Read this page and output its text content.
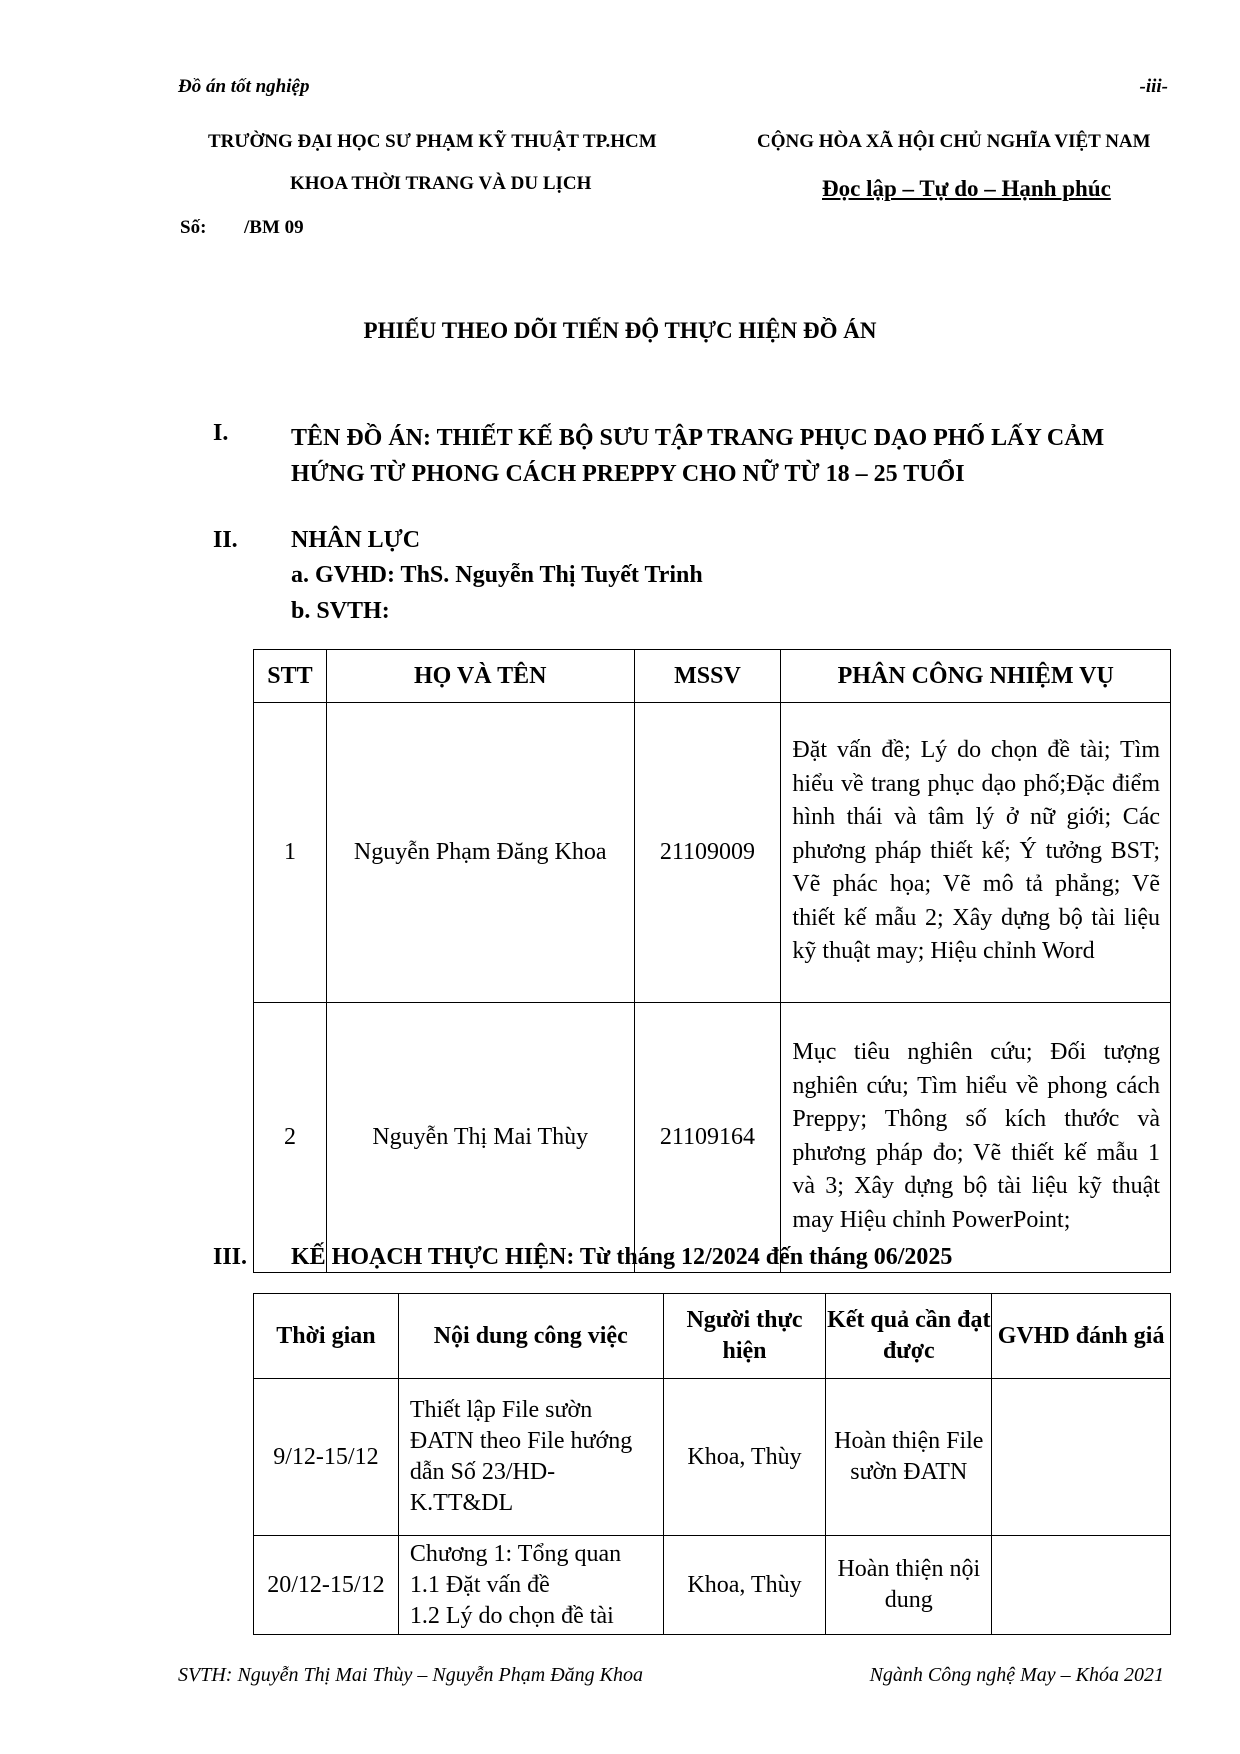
Đồ án tốt nghiệp	-iii-
TRƯỜNG ĐẠI HỌC SƯ PHẠM KỸ THUẬT TP.HCM
KHOA THỜI TRANG VÀ DU LỊCH
Số: /BM 09
CỘNG HÒA XÃ HỘI CHỦ NGHĨA VIỆT NAM
Đọc lập – Tự do – Hạnh phúc
PHIẾU THEO DÕI TIẾN ĐỘ THỰC HIỆN ĐỒ ÁN
I.	TÊN ĐỒ ÁN: THIẾT KẾ BỘ SƯU TẬP TRANG PHỤC DẠO PHỐ LẤY CẢM HỨNG TỪ PHONG CÁCH PREPPY CHO NỮ TỪ 18 – 25 TUỔI
II. NHÂN LỰC
a. GVHD: ThS. Nguyễn Thị Tuyết Trinh
b. SVTH:
STT	HỌ VÀ TÊN	MSSV	PHÂN CÔNG NHIỆM VỤ
1	Nguyễn Phạm Đăng Khoa	21109009	Đặt vấn đề; Lý do chọn đề tài; Tìm hiểu về trang phục dạo phố;Đặc điểm hình thái và tâm lý ở nữ giới; Các phương pháp thiết kế; Ý tưởng BST; Vẽ phác họa; Vẽ mô tả phẳng; Vẽ thiết kế mẫu 2; Xây dựng bộ tài liệu kỹ thuật may; Hiệu chỉnh Word
2	Nguyễn Thị Mai Thùy	21109164	Mục tiêu nghiên cứu; Đối tượng nghiên cứu; Tìm hiểu về phong cách Preppy; Thông số kích thước và phương pháp đo; Vẽ thiết kế mẫu 1 và 3; Xây dựng bộ tài liệu kỹ thuật may Hiệu chỉnh PowerPoint;
III. KẾ HOẠCH THỰC HIỆN: Từ tháng 12/2024 đến tháng 06/2025
Thời gian	Nội dung công việc	Người thực hiện	Kết quả cần đạt được	GVHD đánh giá
9/12-15/12	Thiết lập File sườn ĐATN theo File hướng dẫn Số 23/HD-K.TT&DL	Khoa, Thùy	Hoàn thiện File sườn ĐATN	
20/12-15/12	Chương 1: Tổng quan
1.1 Đặt vấn đề
1.2 Lý do chọn đề tài	Khoa, Thùy	Hoàn thiện nội dung	
SVTH: Nguyễn Thị Mai Thùy – Nguyễn Phạm Đăng Khoa	Ngành Công nghệ May – Khóa 2021
